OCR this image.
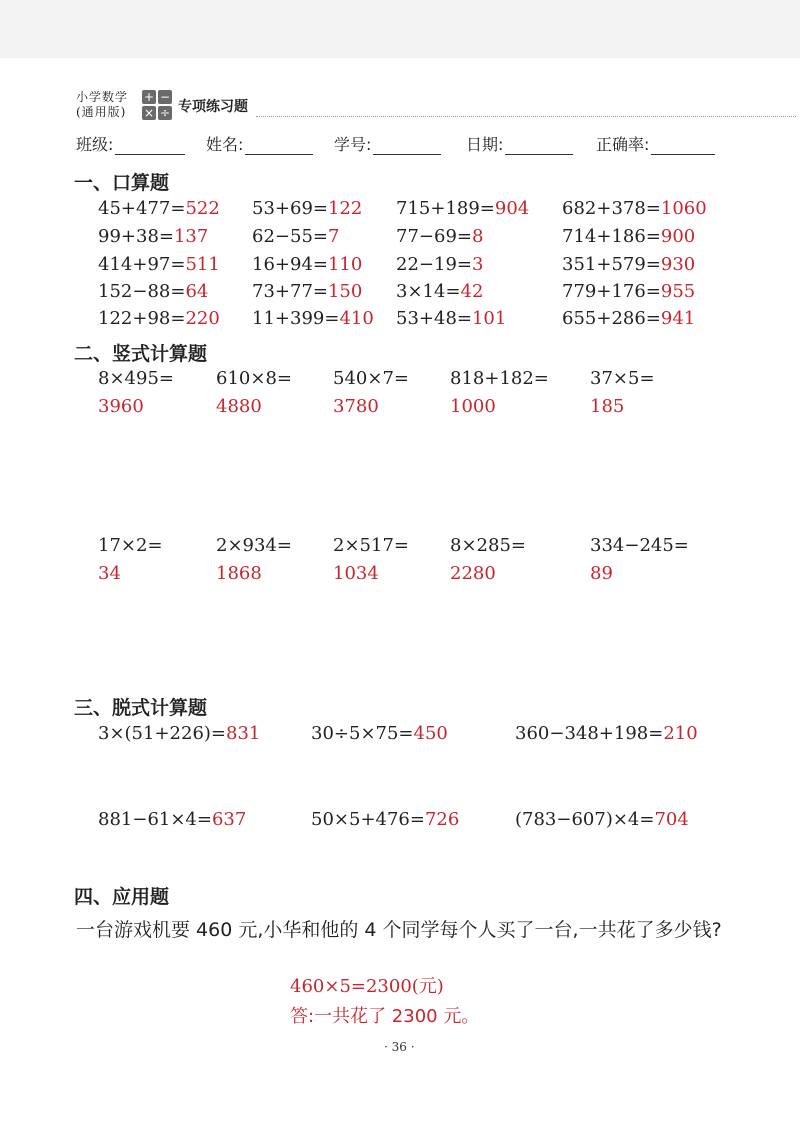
小学数学
(通用版)
+ −
× ÷ 专项练习题
班级:	姓名:	学号:	日期:	正确率:
一、口算题
45+477=522 53+69=122 715+189=904 682+378=1060
99+38=137 62−55=7	77−69=8	714+186=900
414+97=511 16+94=110 22−19=3	351+579=930
152−88=64 73+77=150 3×14=42	779+176=955
122+98=220 11+399=410 53+48=101	655+286=941
二、竖式计算题
8×495= 610×8= 540×7= 818+182= 37×5=
3960	4880	3780	1000	185
17×2=	2×934= 2×517= 8×285=	334−245=
34	1868	1034	2280	89
三、脱式计算题
3×(51+226)=831	30÷5×75=450	360−348+198=210
881−61×4=637	50×5+476=726	(783−607)×4=704
四、应用题
一台游戏机要 460 元,小华和他的 4 个同学每个人买了一台,一共花了多少钱?
460×5=2300(元)
答:一共花了 2300 元。
· 36 ·
